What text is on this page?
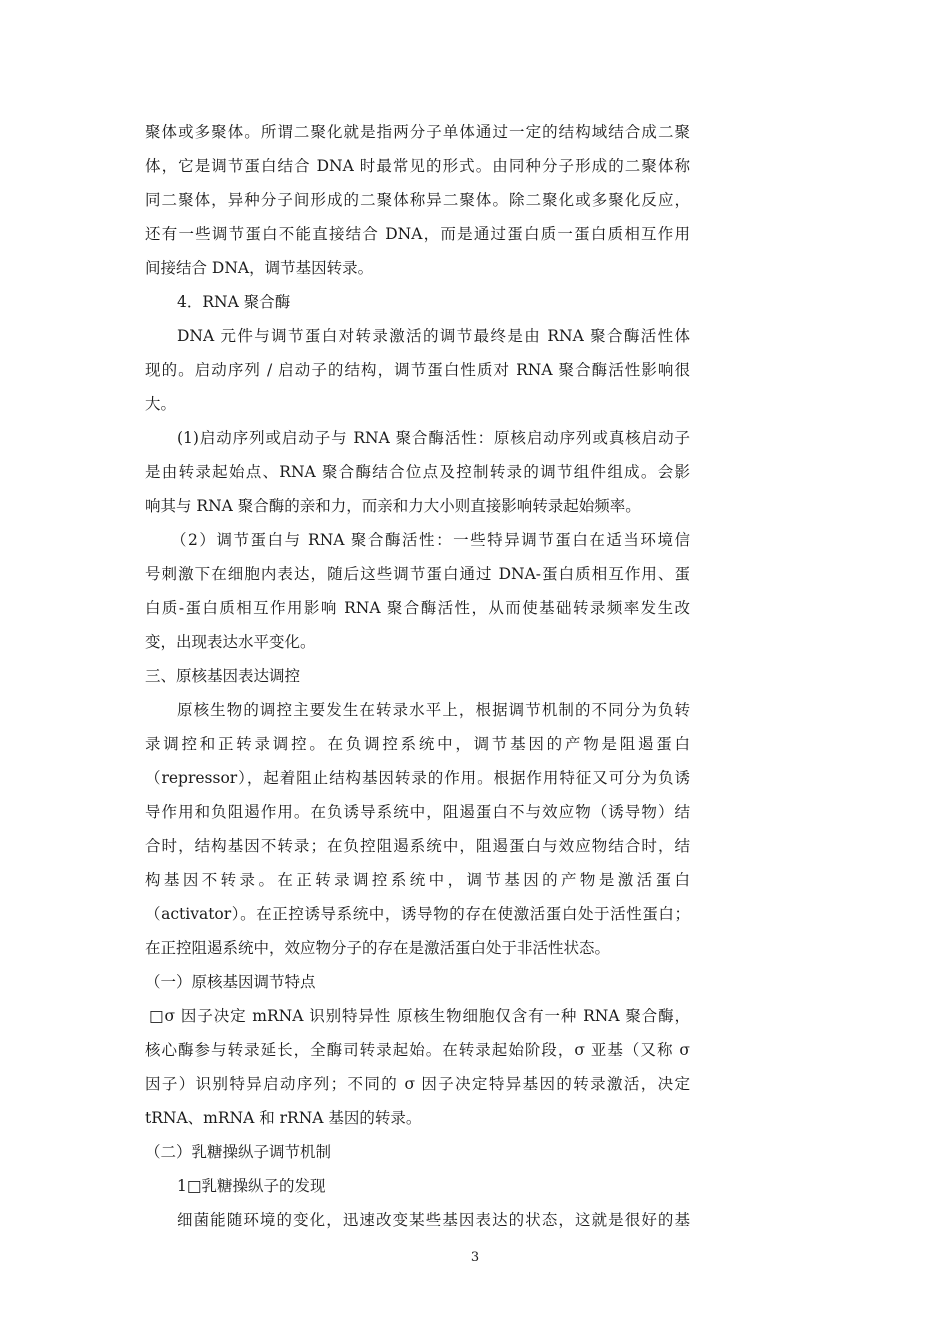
聚体或多聚体。所谓二聚化就是指两分子单体通过一定的结构域结合成二聚
体，它是调节蛋白结合 DNA 时最常见的形式。由同种分子形成的二聚体称
同二聚体，异种分子间形成的二聚体称异二聚体。除二聚化或多聚化反应，
还有一些调节蛋白不能直接结合 DNA，而是通过蛋白质一蛋白质相互作用
间接结合 DNA，调节基因转录。
4．RNA 聚合酶
DNA 元件与调节蛋白对转录激活的调节最终是由 RNA 聚合酶活性体
现的。启动序列 / 启动子的结构，调节蛋白性质对 RNA 聚合酶活性影响很
大。
(1)启动序列或启动子与 RNA 聚合酶活性：原核启动序列或真核启动子
是由转录起始点、RNA 聚合酶结合位点及控制转录的调节组件组成。会影
响其与 RNA 聚合酶的亲和力，而亲和力大小则直接影响转录起始频率。
（2）调节蛋白与 RNA 聚合酶活性：一些特异调节蛋白在适当环境信
号刺激下在细胞内表达，随后这些调节蛋白通过 DNA-蛋白质相互作用、蛋
白质-蛋白质相互作用影响 RNA 聚合酶活性，从而使基础转录频率发生改
变，出现表达水平变化。
三、原核基因表达调控
原核生物的调控主要发生在转录水平上，根据调节机制的不同分为负转
录调控和正转录调控。在负调控系统中，调节基因的产物是阻遏蛋白
（repressor），起着阻止结构基因转录的作用。根据作用特征又可分为负诱
导作用和负阻遏作用。在负诱导系统中，阻遏蛋白不与效应物（诱导物）结
合时，结构基因不转录；在负控阻遏系统中，阻遏蛋白与效应物结合时，结
构基因不转录。在正转录调控系统中，调节基因的产物是激活蛋白
（activator）。在正控诱导系统中，诱导物的存在使激活蛋白处于活性蛋白；
在正控阻遏系统中，效应物分子的存在是激活蛋白处于非活性状态。
（一）原核基因调节特点
□σ 因子决定 mRNA 识别特异性 原核生物细胞仅含有一种 RNA 聚合酶，
核心酶参与转录延长，全酶司转录起始。在转录起始阶段，σ 亚基（又称 σ
因子）识别特异启动序列；不同的 σ 因子决定特异基因的转录激活，决定
tRNA、mRNA 和 rRNA 基因的转录。
（二）乳糖操纵子调节机制
1□乳糖操纵子的发现
细菌能随环境的变化，迅速改变某些基因表达的状态，这就是很好的基
3
